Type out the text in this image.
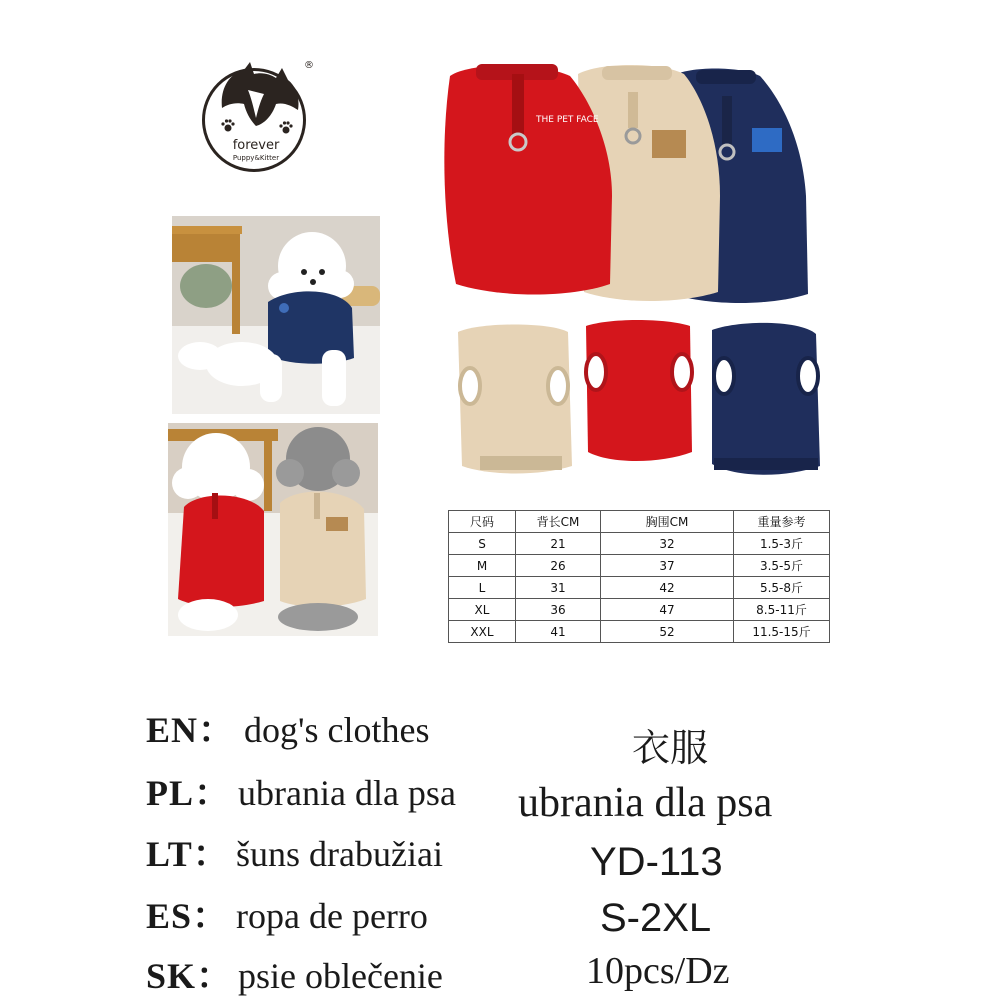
®
forever
Puppy&Kitter
THE PET FACE
尺码	背长CM	胸围CM	重量参考
S	21	32	1.5-3斤
M	26	37	3.5-5斤
L	31	42	5.5-8斤
XL	36	47	8.5-11斤
XXL	41	52	11.5-15斤
EN： dog's clothes
PL： ubrania dla psa
LT： šuns drabužiai
ES： ropa de perro
SK： psie oblečenie
衣服
ubrania dla psa
YD-113
S-2XL
10pcs/Dz
